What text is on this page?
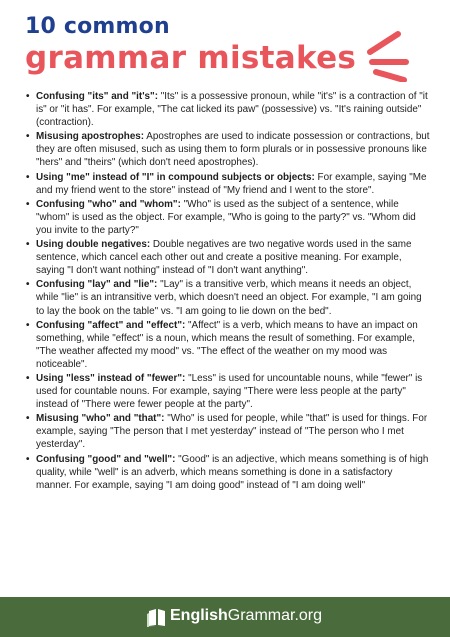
10 common
grammar mistakes
• Confusing "its" and "it's": "Its" is a possessive pronoun, while "it's" is a contraction of "it is" or "it has". For example, "The cat licked its paw" (possessive) vs. "It's raining outside" (contraction).
• Misusing apostrophes: Apostrophes are used to indicate possession or contractions, but they are often misused, such as using them to form plurals or in possessive pronouns like "hers" and "theirs" (which don't need apostrophes).
• Using "me" instead of "I" in compound subjects or objects: For example, saying "Me and my friend went to the store" instead of "My friend and I went to the store".
• Confusing "who" and "whom": "Who" is used as the subject of a sentence, while "whom" is used as the object. For example, "Who is going to the party?" vs. "Whom did you invite to the party?"
• Using double negatives: Double negatives are two negative words used in the same sentence, which cancel each other out and create a positive meaning. For example, saying "I don't want nothing" instead of "I don't want anything".
• Confusing "lay" and "lie": "Lay" is a transitive verb, which means it needs an object, while "lie" is an intransitive verb, which doesn't need an object. For example, "I am going to lay the book on the table" vs. "I am going to lie down on the bed".
• Confusing "affect" and "effect": "Affect" is a verb, which means to have an impact on something, while "effect" is a noun, which means the result of something. For example, "The weather affected my mood" vs. "The effect of the weather on my mood was noticeable".
• Using "less" instead of "fewer": "Less" is used for uncountable nouns, while "fewer" is used for countable nouns. For example, saying "There were less people at the party" instead of "There were fewer people at the party".
• Misusing "who" and "that": "Who" is used for people, while "that" is used for things. For example, saying "The person that I met yesterday" instead of "The person who I met yesterday".
• Confusing "good" and "well": "Good" is an adjective, which means something is of high quality, while "well" is an adverb, which means something is done in a satisfactory manner. For example, saying "I am doing good" instead of "I am doing well"
EnglishGrammar.org
